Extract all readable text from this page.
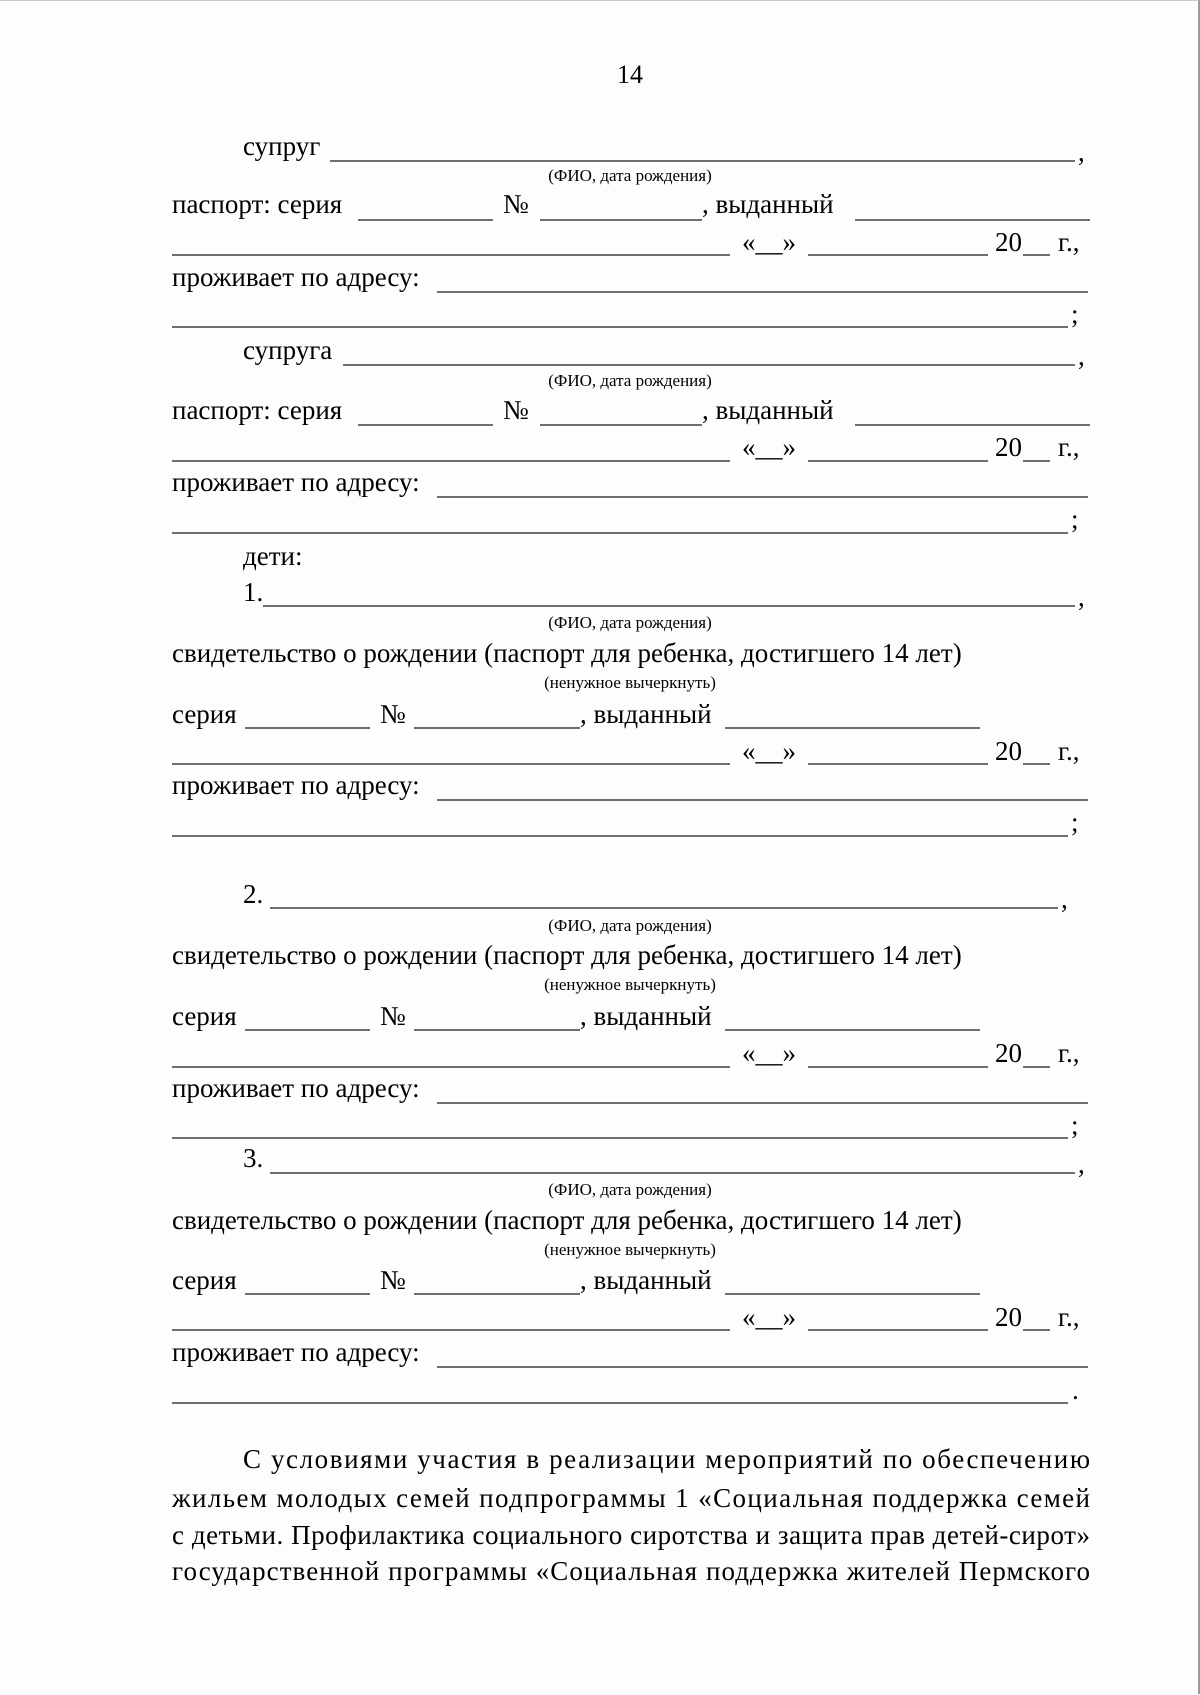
14
супруг	,
(ФИО, дата рождения)
паспорт: серия	№	, выданный
«__»	20 г.,
проживает по адресу:
;
супруга	,
(ФИО, дата рождения)
паспорт: серия	№	, выданный
«__»	20 г.,
проживает по адресу:
;
дети:
1.	,
(ФИО, дата рождения)
свидетельство о рождении (паспорт для ребенка, достигшего 14 лет)
(ненужное вычеркнуть)
серия	№	, выданный
«__»	20 г.,
проживает по адресу:
;
2.	,
(ФИО, дата рождения)
свидетельство о рождении (паспорт для ребенка, достигшего 14 лет)
(ненужное вычеркнуть)
серия	№	, выданный
«__»	20 г.,
проживает по адресу:
;
3.	,
(ФИО, дата рождения)
свидетельство о рождении (паспорт для ребенка, достигшего 14 лет)
(ненужное вычеркнуть)
серия	№	, выданный
«__»	20 г.,
проживает по адресу:
.
С условиями участия в реализации мероприятий по обеспечению
жильем молодых семей подпрограммы 1 «Социальная поддержка семей
с детьми. Профилактика социального сиротства и защита прав детей-сирот»
государственной программы «Социальная поддержка жителей Пермского
